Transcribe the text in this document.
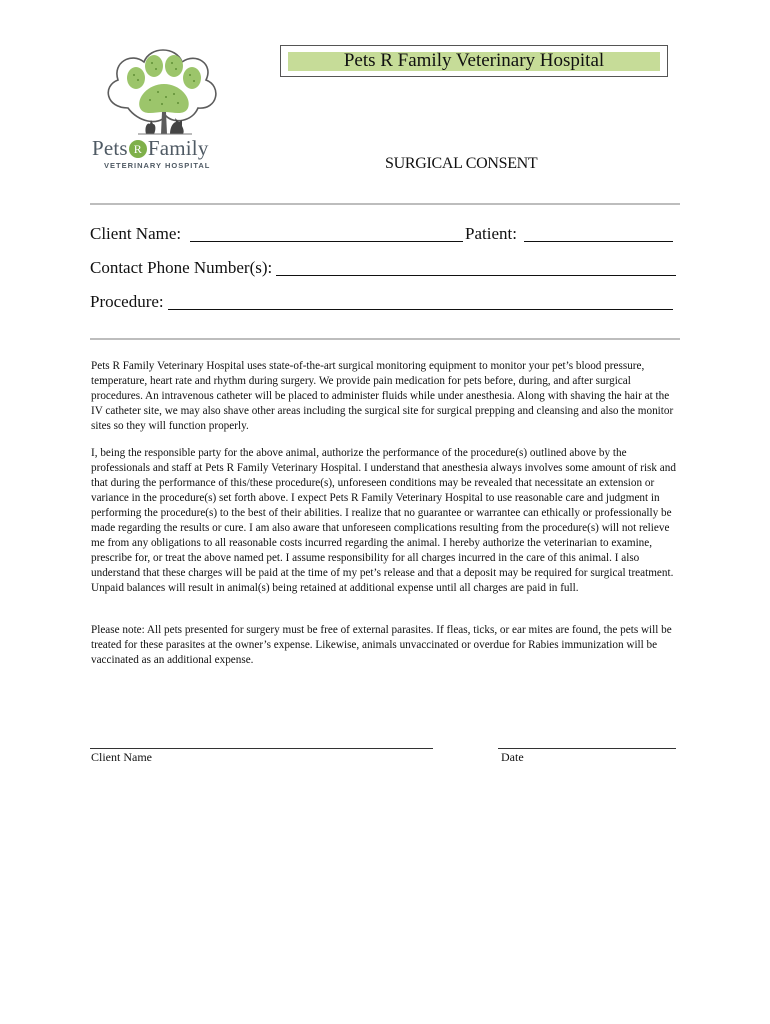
Pets R Family
VETERINARY HOSPITAL
Pets R Family Veterinary Hospital
SURGICAL CONSENT
Client Name:	Patient:
Contact Phone Number(s):
Procedure:

Pets R Family Veterinary Hospital uses state-of-the-art surgical monitoring equipment to monitor your pet’s blood pressure, temperature, heart rate and rhythm during surgery. We provide pain medication for pets before, during, and after surgical procedures. An intravenous catheter will be placed to administer fluids while under anesthesia. Along with shaving the hair at the IV catheter site, we may also shave other areas including the surgical site for surgical prepping and cleansing and also the monitor sites so they will function properly.

I, being the responsible party for the above animal, authorize the performance of the procedure(s) outlined above by the professionals and staff at Pets R Family Veterinary Hospital. I understand that anesthesia always involves some amount of risk and that during the performance of this/these procedure(s), unforeseen conditions may be revealed that necessitate an extension or variance in the procedure(s) set forth above. I expect Pets R Family Veterinary Hospital to use reasonable care and judgment in performing the procedure(s) to the best of their abilities. I realize that no guarantee or warrantee can ethically or professionally be made regarding the results or cure. I am also aware that unforeseen complications resulting from the procedure(s) will not relieve me from any obligations to all reasonable costs incurred regarding the animal. I hereby authorize the veterinarian to examine, prescribe for, or treat the above named pet. I assume responsibility for all charges incurred in the care of this animal. I also understand that these charges will be paid at the time of my pet’s release and that a deposit may be required for surgical treatment. Unpaid balances will result in animal(s) being retained at additional expense until all charges are paid in full.

Please note: All pets presented for surgery must be free of external parasites. If fleas, ticks, or ear mites are found, the pets will be treated for these parasites at the owner’s expense. Likewise, animals unvaccinated or overdue for Rabies immunization will be vaccinated as an additional expense.

Client Name	Date
